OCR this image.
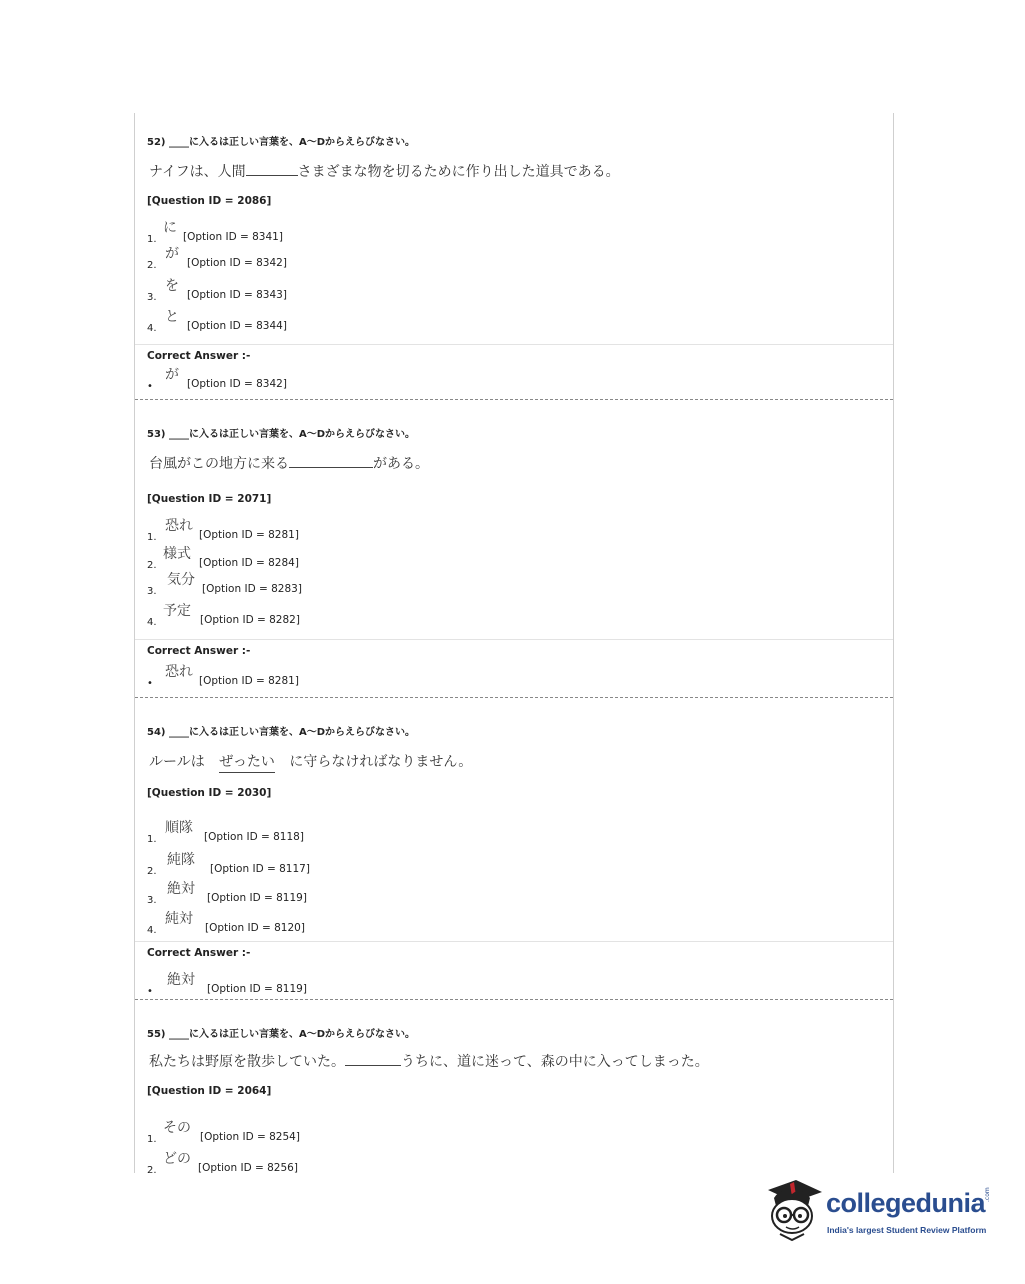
52) ____に入るは正しい言葉を、A～Dからえらびなさい。
ナイフは、人間	さまざまな物を切るために作り出した道具である。
[Question ID = 2086]
1.
に
[Option ID = 8341]
2.
が
[Option ID = 8342]
3.
を
[Option ID = 8343]
4.
と
[Option ID = 8344]
Correct Answer :-
•
が
[Option ID = 8342]
53) ____に入るは正しい言葉を、A～Dからえらびなさい。
台風がこの地方に来る	がある。
[Question ID = 2071]
1.
恐れ
[Option ID = 8281]
2.
様式
[Option ID = 8284]
3.
気分
[Option ID = 8283]
4.
予定
[Option ID = 8282]
Correct Answer :-
•
恐れ
[Option ID = 8281]
54) ____に入るは正しい言葉を、A～Dからえらびなさい。
ルールは ぜったい に守らなければなりません。
[Question ID = 2030]
1.
順隊
[Option ID = 8118]
2.
純隊
[Option ID = 8117]
3.
絶対
[Option ID = 8119]
4.
純対
[Option ID = 8120]
Correct Answer :-
•
絶対
[Option ID = 8119]
55) ____に入るは正しい言葉を、A～Dからえらびなさい。
私たちは野原を散歩していた。	うちに、道に迷って、森の中に入ってしまった。
[Question ID = 2064]
1.
その
[Option ID = 8254]
2.
どの
[Option ID = 8256]
collegedunia
.com
India's largest Student Review Platform
